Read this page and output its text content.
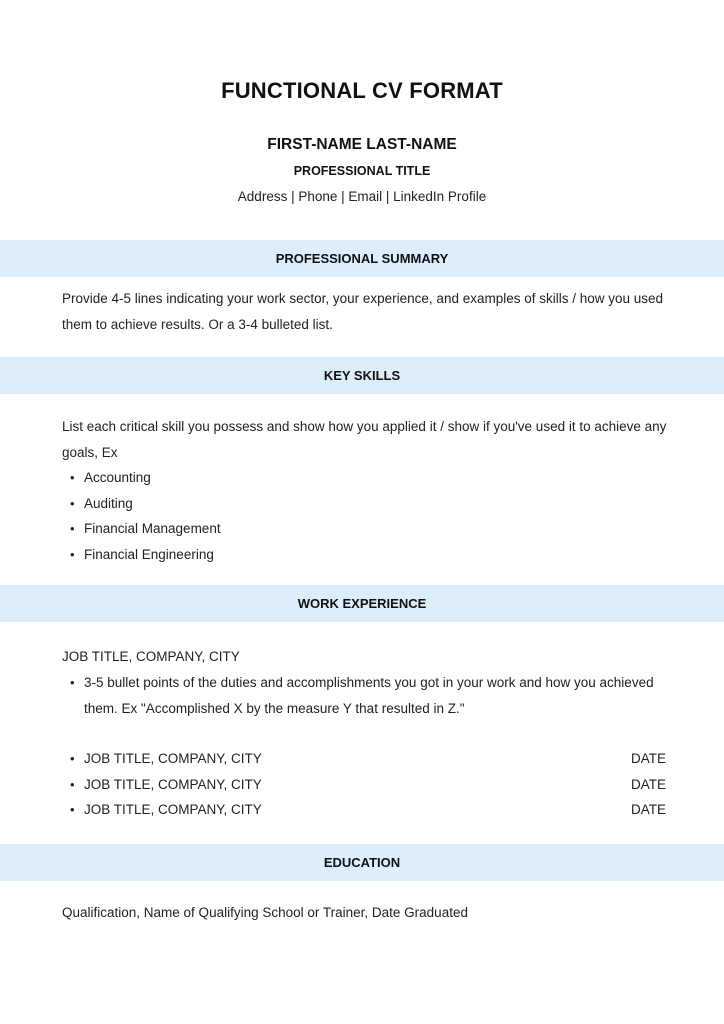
FUNCTIONAL CV FORMAT
FIRST-NAME LAST-NAME
PROFESSIONAL TITLE
Address | Phone | Email | LinkedIn Profile
PROFESSIONAL SUMMARY
Provide 4-5 lines indicating your work sector, your experience, and examples of skills / how you used them to achieve results. Or a 3-4 bulleted list.
KEY SKILLS
List each critical skill you possess and show how you applied it / show if you've used it to achieve any goals, Ex
• Accounting
• Auditing
• Financial Management
• Financial Engineering
WORK EXPERIENCE
JOB TITLE, COMPANY, CITY
• 3-5 bullet points of the duties and accomplishments you got in your work and how you achieved them. Ex "Accomplished X by the measure Y that resulted in Z."
• JOB TITLE, COMPANY, CITY	DATE
• JOB TITLE, COMPANY, CITY	DATE
• JOB TITLE, COMPANY, CITY	DATE
EDUCATION
Qualification, Name of Qualifying School or Trainer, Date Graduated
